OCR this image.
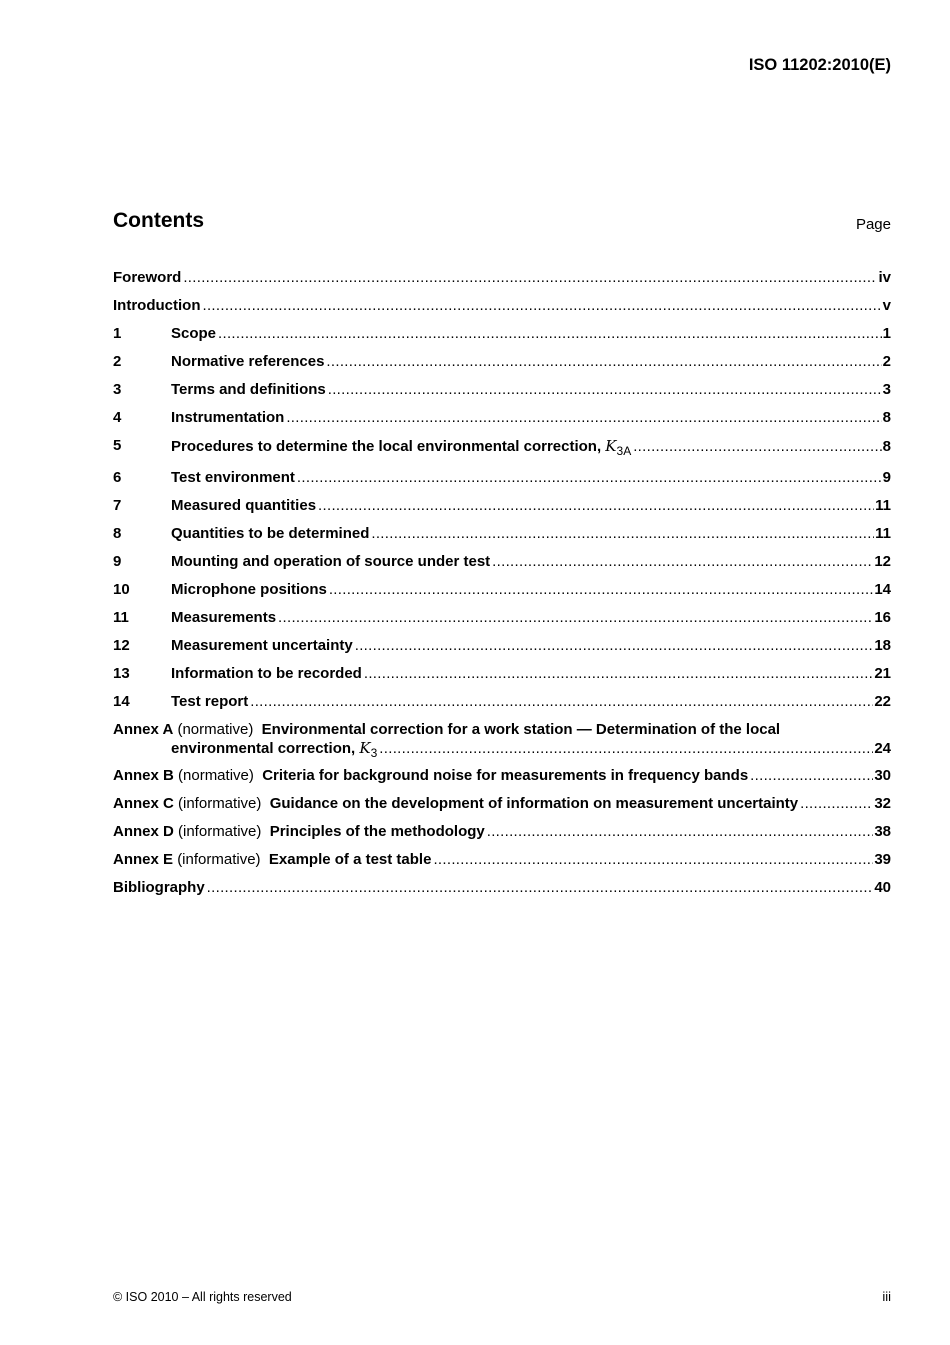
ISO 11202:2010(E)
Contents	Page
Foreword .....	iv
Introduction .....	v
1	Scope .....	1
2	Normative references .....	2
3	Terms and definitions .....	3
4	Instrumentation .....	8
5	Procedures to determine the local environmental correction, $K_{3A}$ .....	8
6	Test environment .....	9
7	Measured quantities .....	11
8	Quantities to be determined .....	11
9	Mounting and operation of source under test .....	12
10	Microphone positions .....	14
11	Measurements .....	16
12	Measurement uncertainty .....	18
13	Information to be recorded .....	21
14	Test report .....	22
Annex A
(normative)
Environmental correction for a work station — Determination of the local
environmental correction, $K_3$ .....	24
Annex B
(normative)
Criteria for background noise for measurements in frequency bands .....	30
Annex C
(informative)
Guidance on the development of information on measurement uncertainty .....	32
Annex D
(informative)
Principles of the methodology .....	38
Annex E
(informative)
Example of a test table .....	39
Bibliography .....	40
© ISO 2010 – All rights reserved	iii
